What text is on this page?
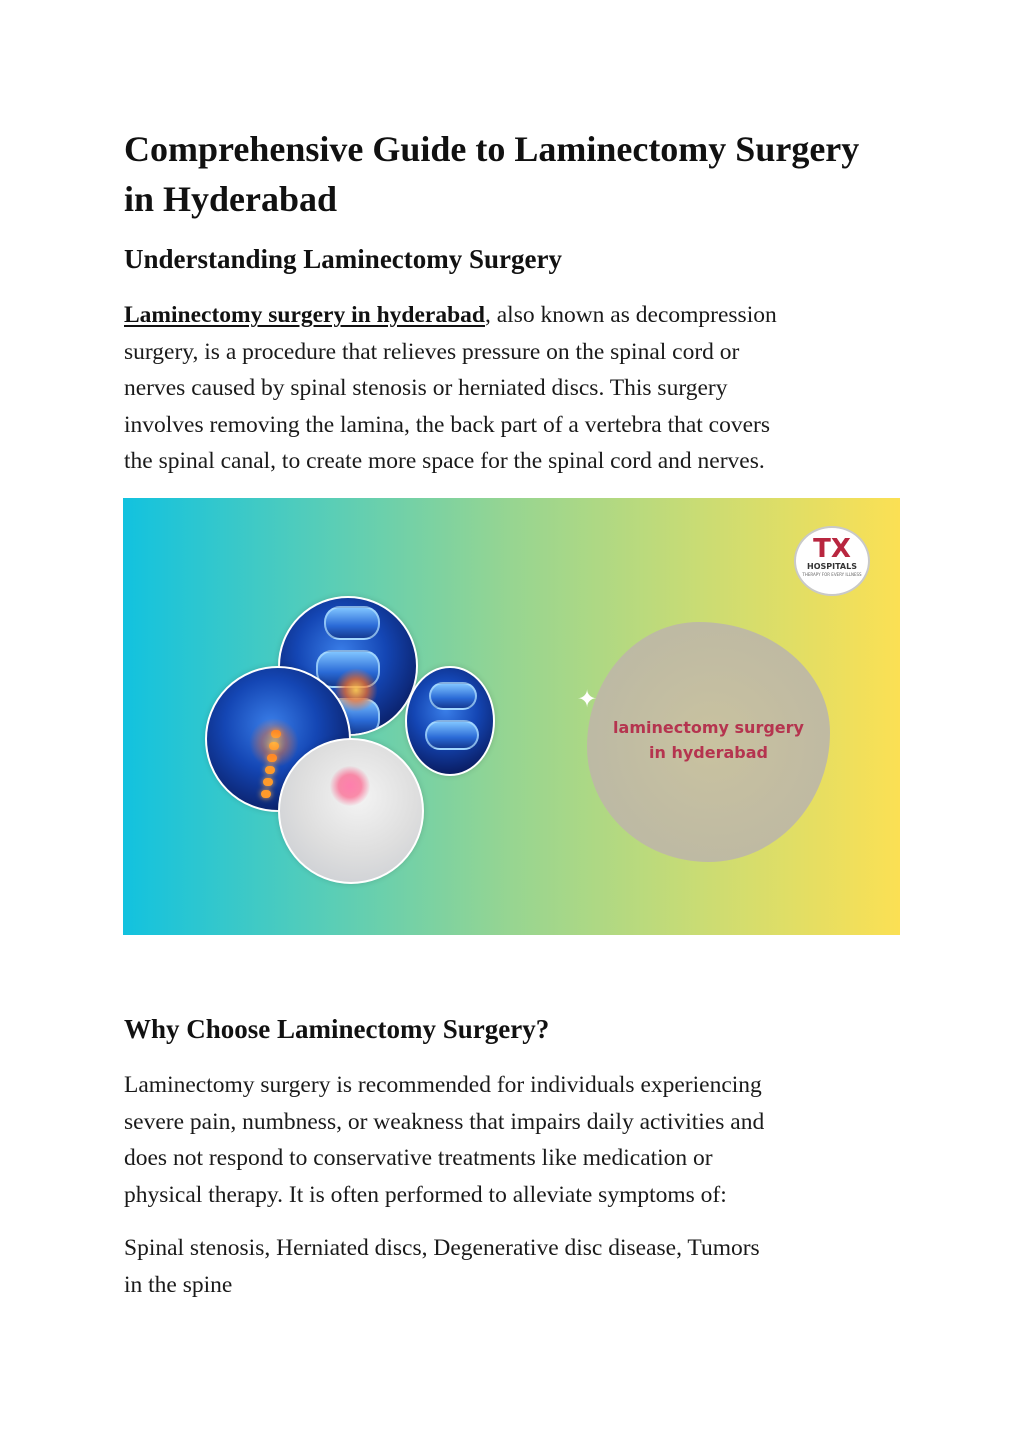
Comprehensive Guide to Laminectomy Surgery
in Hyderabad
Understanding Laminectomy Surgery

Laminectomy surgery in hyderabad, also known as decompression
surgery, is a procedure that relieves pressure on the spinal cord or
nerves caused by spinal stenosis or herniated discs. This surgery
involves removing the lamina, the back part of a vertebra that covers
the spinal canal, to create more space for the spinal cord and nerves.

TX
HOSPITALS
THERAPY FOR EVERY ILLNESS
✦
laminectomy surgery
in hyderabad
Why Choose Laminectomy Surgery?

Laminectomy surgery is recommended for individuals experiencing
severe pain, numbness, or weakness that impairs daily activities and
does not respond to conservative treatments like medication or
physical therapy. It is often performed to alleviate symptoms of:

Spinal stenosis, Herniated discs, Degenerative disc disease, Tumors
in the spine
